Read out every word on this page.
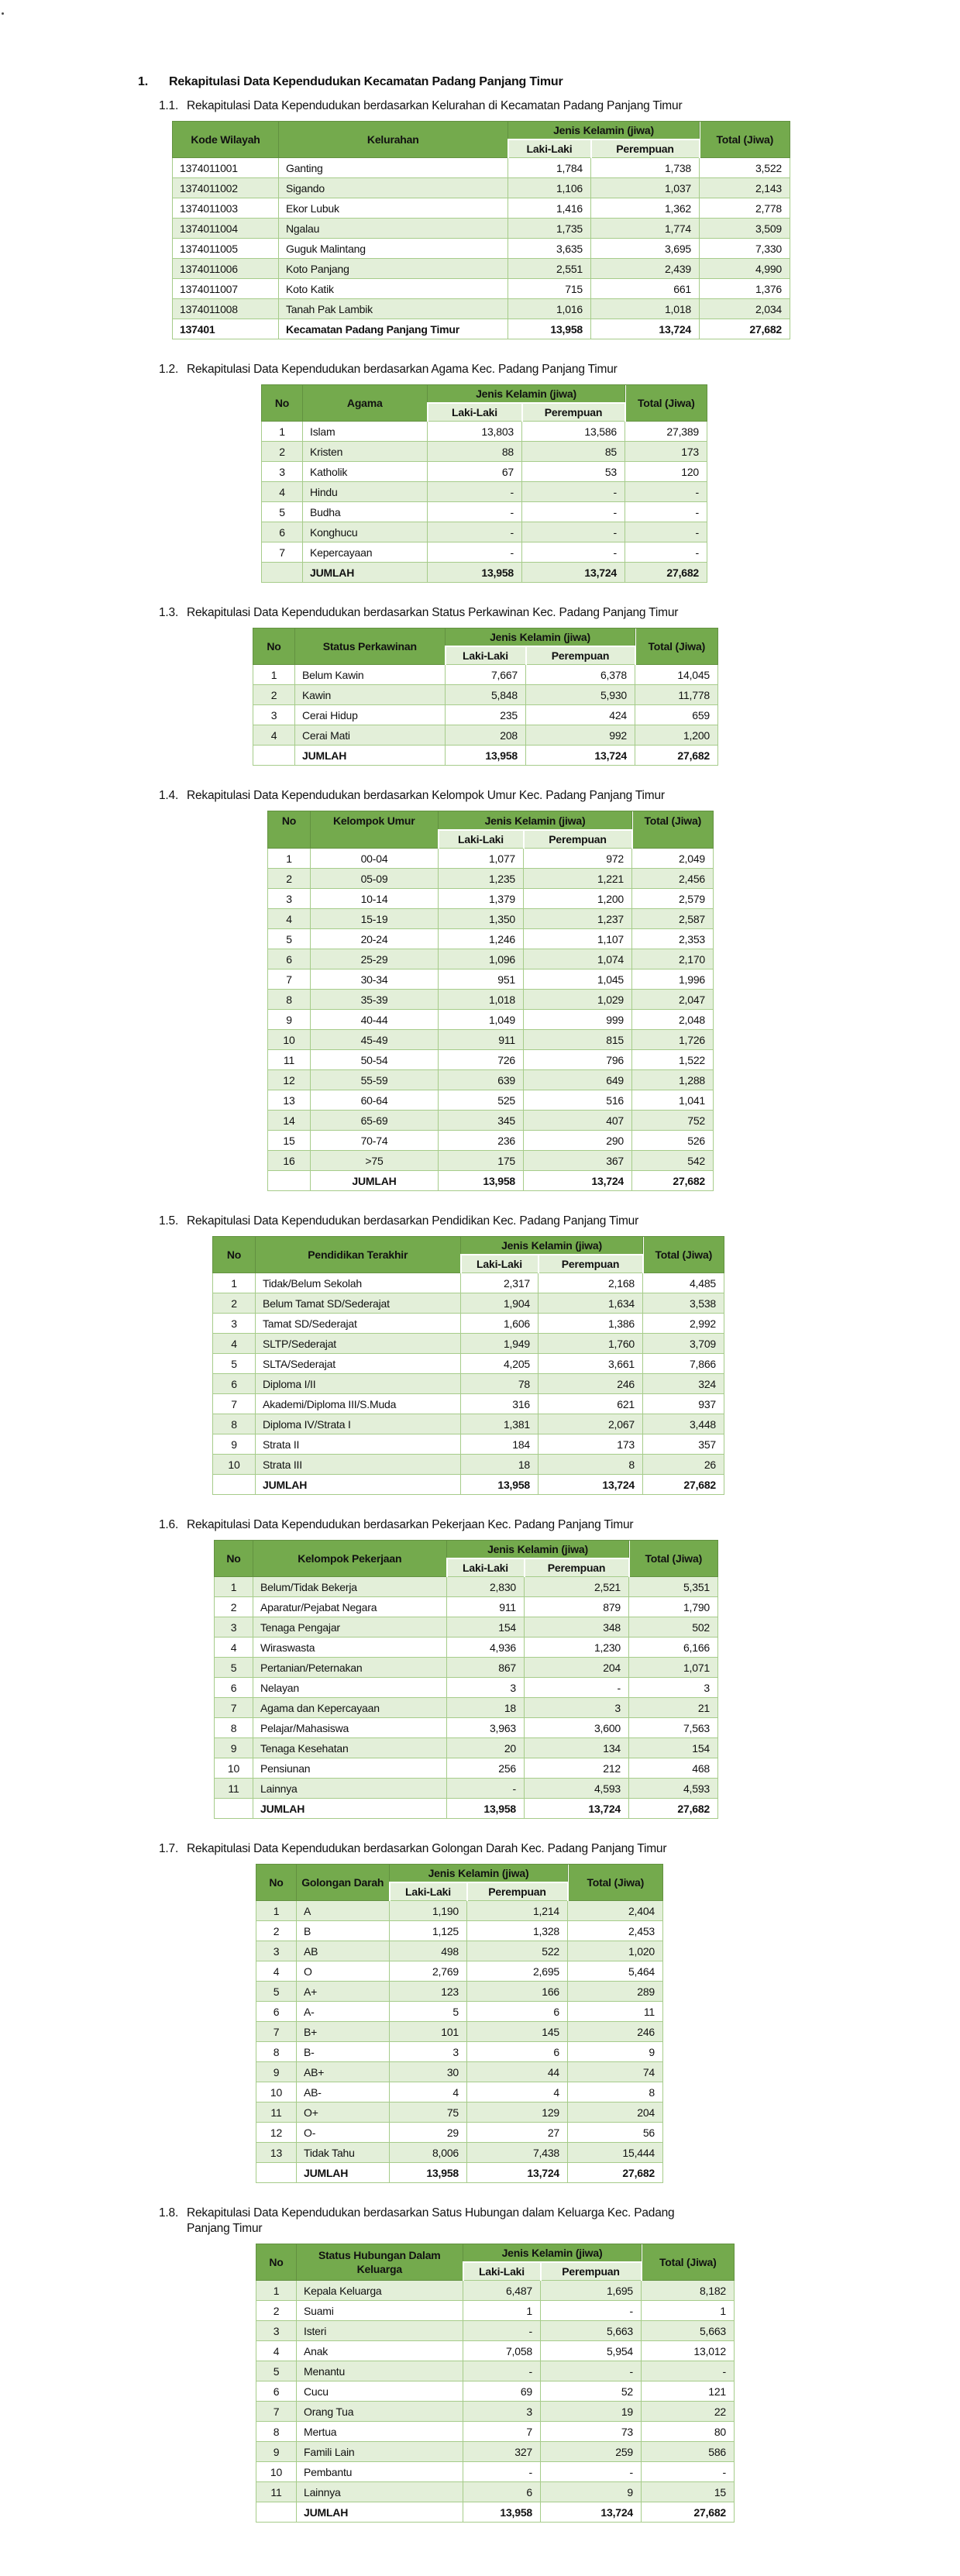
1.	Rekapitulasi Data Kependudukan Kecamatan Padang Panjang Timur
1.1. Rekapitulasi Data Kependudukan berdasarkan Kelurahan di Kecamatan Padang Panjang Timur
Kode Wilayah	Kelurahan	Jenis Kelamin (jiwa)		Total (Jiwa)
		Laki-Laki	Perempuan	
1374011001	Ganting	1,784	1,738	3,522
1374011002	Sigando	1,106	1,037	2,143
1374011003	Ekor Lubuk	1,416	1,362	2,778
1374011004	Ngalau	1,735	1,774	3,509
1374011005	Guguk Malintang	3,635	3,695	7,330
1374011006	Koto Panjang	2,551	2,439	4,990
1374011007	Koto Katik	715	661	1,376
1374011008	Tanah Pak Lambik	1,016	1,018	2,034
137401	Kecamatan Padang Panjang Timur	13,958	13,724	27,682
1.2. Rekapitulasi Data Kependudukan berdasarkan Agama Kec. Padang Panjang Timur
No	Agama	Jenis Kelamin (jiwa)		Total (Jiwa)
		Laki-Laki	Perempuan	
1	Islam	13,803	13,586	27,389
2	Kristen	88	85	173
3	Katholik	67	53	120
4	Hindu	-	-	-
5	Budha	-	-	-
6	Konghucu	-	-	-
7	Kepercayaan	-	-	-
	JUMLAH	13,958	13,724	27,682
1.3. Rekapitulasi Data Kependudukan berdasarkan Status Perkawinan Kec. Padang Panjang Timur
No	Status Perkawinan	Jenis Kelamin (jiwa)		Total (Jiwa)
		Laki-Laki	Perempuan	
1	Belum Kawin	7,667	6,378	14,045
2	Kawin	5,848	5,930	11,778
3	Cerai Hidup	235	424	659
4	Cerai Mati	208	992	1,200
	JUMLAH	13,958	13,724	27,682
1.4. Rekapitulasi Data Kependudukan berdasarkan Kelompok Umur Kec. Padang Panjang Timur
No	Kelompok Umur	Jenis Kelamin (jiwa)		Total (Jiwa)
		Laki-Laki	Perempuan	
1	00-04	1,077	972	2,049
2	05-09	1,235	1,221	2,456
3	10-14	1,379	1,200	2,579
4	15-19	1,350	1,237	2,587
5	20-24	1,246	1,107	2,353
6	25-29	1,096	1,074	2,170
7	30-34	951	1,045	1,996
8	35-39	1,018	1,029	2,047
9	40-44	1,049	999	2,048
10	45-49	911	815	1,726
11	50-54	726	796	1,522
12	55-59	639	649	1,288
13	60-64	525	516	1,041
14	65-69	345	407	752
15	70-74	236	290	526
16	>75	175	367	542
	JUMLAH	13,958	13,724	27,682
1.5. Rekapitulasi Data Kependudukan berdasarkan Pendidikan Kec. Padang Panjang Timur
No	Pendidikan Terakhir	Jenis Kelamin (jiwa)		Total (Jiwa)
		Laki-Laki	Perempuan	
1	Tidak/Belum Sekolah	2,317	2,168	4,485
2	Belum Tamat SD/Sederajat	1,904	1,634	3,538
3	Tamat SD/Sederajat	1,606	1,386	2,992
4	SLTP/Sederajat	1,949	1,760	3,709
5	SLTA/Sederajat	4,205	3,661	7,866
6	Diploma I/II	78	246	324
7	Akademi/Diploma III/S.Muda	316	621	937
8	Diploma IV/Strata I	1,381	2,067	3,448
9	Strata II	184	173	357
10	Strata III	18	8	26
	JUMLAH	13,958	13,724	27,682
1.6. Rekapitulasi Data Kependudukan berdasarkan Pekerjaan Kec. Padang Panjang Timur
No	Kelompok Pekerjaan	Jenis Kelamin (jiwa)		Total (Jiwa)
		Laki-Laki	Perempuan	
1	Belum/Tidak Bekerja	2,830	2,521	5,351
2	Aparatur/Pejabat Negara	911	879	1,790
3	Tenaga Pengajar	154	348	502
4	Wiraswasta	4,936	1,230	6,166
5	Pertanian/Peternakan	867	204	1,071
6	Nelayan	3	-	3
7	Agama dan Kepercayaan	18	3	21
8	Pelajar/Mahasiswa	3,963	3,600	7,563
9	Tenaga Kesehatan	20	134	154
10	Pensiunan	256	212	468
11	Lainnya	-	4,593	4,593
	JUMLAH	13,958	13,724	27,682
1.7. Rekapitulasi Data Kependudukan berdasarkan Golongan Darah Kec. Padang Panjang Timur
No	Golongan Darah	Jenis Kelamin (jiwa)		Total (Jiwa)
		Laki-Laki	Perempuan	
1	A	1,190	1,214	2,404
2	B	1,125	1,328	2,453
3	AB	498	522	1,020
4	O	2,769	2,695	5,464
5	A+	123	166	289
6	A-	5	6	11
7	B+	101	145	246
8	B-	3	6	9
9	AB+	30	44	74
10	AB-	4	4	8
11	O+	75	129	204
12	O-	29	27	56
13	Tidak Tahu	8,006	7,438	15,444
	JUMLAH	13,958	13,724	27,682
1.8. Rekapitulasi Data Kependudukan berdasarkan Satus Hubungan dalam Keluarga Kec. Padang Panjang Timur
No	Status Hubungan Dalam Keluarga	Jenis Kelamin (jiwa)		Total (Jiwa)
		Laki-Laki	Perempuan	
1	Kepala Keluarga	6,487	1,695	8,182
2	Suami	1	-	1
3	Isteri	-	5,663	5,663
4	Anak	7,058	5,954	13,012
5	Menantu	-	-	-
6	Cucu	69	52	121
7	Orang Tua	3	19	22
8	Mertua	7	73	80
9	Famili Lain	327	259	586
10	Pembantu	-	-	-
11	Lainnya	6	9	15
	JUMLAH	13,958	13,724	27,682
